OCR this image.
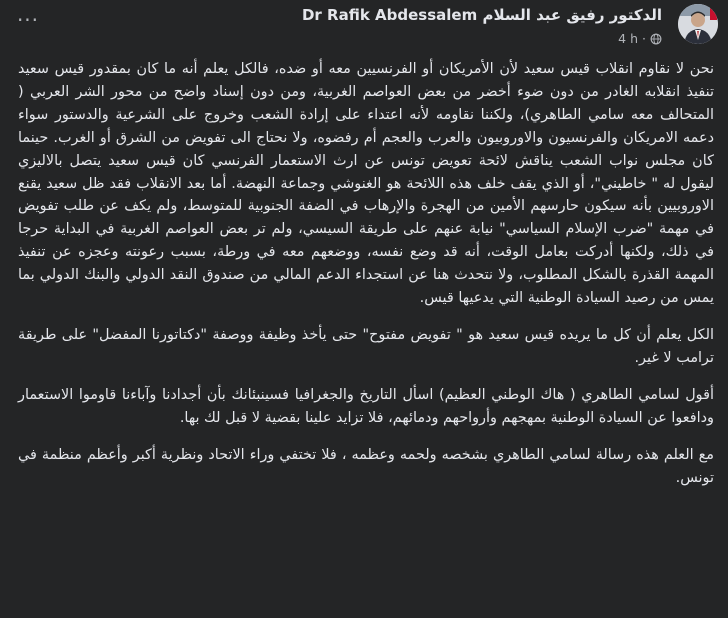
···	Dr Rafik Abdessalem الدكتور رفيق عبد السلام
4 h ·

نحن لا نقاوم انقلاب قيس سعيد لأن الأمريكان أو الفرنسيين معه أو ضده، فالكل يعلم أنه ما كان بمقدور قيس سعيد تنفيذ انقلابه الغادر من دون ضوء أخضر من بعض العواصم الغربية، ومن دون إسناد واضح من محور الشر العربي ( المتحالف معه سامي الطاهري)، ولكننا نقاومه لأنه اعتداء على إرادة الشعب وخروج على الشرعية والدستور سواء دعمه الامريكان والفرنسيون والاوروبيون والعرب والعجم أم رفضوه، ولا نحتاج الى تفويض من الشرق أو الغرب. حينما كان مجلس نواب الشعب يناقش لائحة تعويض تونس عن ارث الاستعمار الفرنسي كان قيس سعيد يتصل بالاليزي ليقول له " خاطيني"، أو الذي يقف خلف هذه اللائحة هو الغنوشي وجماعة النهضة. أما بعد الانقلاب فقد ظل سعيد يقنع الاوروبيين بأنه سيكون حارسهم الأمين من الهجرة والإرهاب في الضفة الجنوبية للمتوسط، ولم يكف عن طلب تفويض في مهمة "ضرب الإسلام السياسي" نيابة عنهم على طريقة السيسي، ولم تر بعض العواصم الغربية في البداية حرجا في ذلك، ولكنها أدركت بعامل الوقت، أنه قد وضع نفسه، ووضعهم معه في ورطة، بسبب رعونته وعجزه عن تنفيذ المهمة القذرة بالشكل المطلوب، ولا نتحدث هنا عن استجداء الدعم المالي من صندوق النقد الدولي والبنك الدولي بما يمس من رصيد السيادة الوطنية التي يدعيها قيس.

الكل يعلم أن كل ما يريده قيس سعيد هو " تفويض مفتوح" حتى يأخذ وظيفة ووصفة "دكتاتورنا المفضل" على طريقة ترامب لا غير.

أقول لسامي الطاهري ( هاك الوطني العظيم) اسأل التاريخ والجغرافيا فسينبئانك بأن أجدادنا وآباءنا قاوموا الاستعمار ودافعوا عن السيادة الوطنية بمهجهم وأرواحهم ودمائهم، فلا تزايد علينا بقضية لا قبل لك بها.

مع العلم هذه رسالة لسامي الطاهري بشخصه ولحمه وعظمه ، فلا تختفي وراء الاتحاد ونظرية أكبر وأعظم منظمة في تونس.
